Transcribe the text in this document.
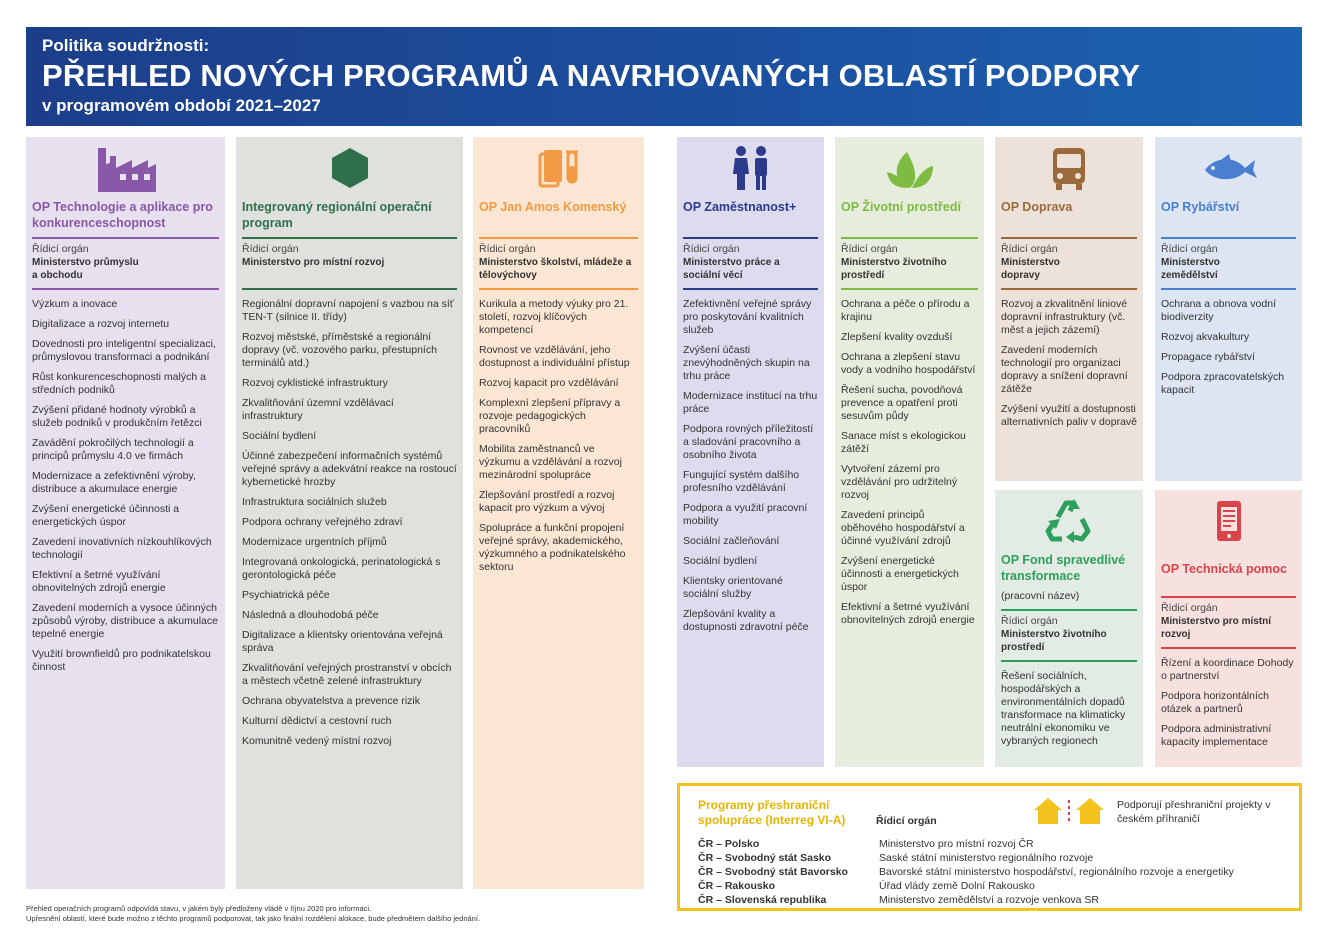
Politika soudržnosti:
PŘEHLED NOVÝCH PROGRAMŮ A NAVRHOVANÝCH OBLASTÍ PODPORY
v programovém období 2021–2027
OP Technologie a aplikace pro konkurenceschopnost
Řídicí orgán
Ministerstvo průmyslu a obchodu
Výzkum a inovace
Digitalizace a rozvoj internetu
Dovednosti pro inteligentní specializaci, průmyslovou transformaci a podnikání
Růst konkurenceschopnosti malých a středních podniků
Zvýšení přidané hodnoty výrobků a služeb podniků v produkčním řetězci
Zavádění pokročilých technologií a principů průmyslu 4.0 ve firmách
Modernizace a zefektivnění výroby, distribuce a akumulace energie
Zvýšení energetické účinnosti a energetických úspor
Zavedení inovativních nízkouhlíkových technologií
Efektivní a šetrné využívání obnovitelných zdrojů energie
Zavedení moderních a vysoce účinných způsobů výroby, distribuce a akumulace tepelné energie
Využití brownfieldů pro podnikatelskou činnost
Integrovaný regionální operační program
Řídicí orgán
Ministerstvo pro místní rozvoj
Regionální dopravní napojení s vazbou na síť TEN-T (silnice II. třídy)
Rozvoj městské, příměstské a regionální dopravy (vč. vozového parku, přestupních terminálů atd.)
Rozvoj cyklistické infrastruktury
Zkvalitňování územní vzdělávací infrastruktury
Sociální bydlení
Účinné zabezpečení informačních systémů veřejné správy a adekvátní reakce na rostoucí kybernetické hrozby
Infrastruktura sociálních služeb
Podpora ochrany veřejného zdraví
Modernizace urgentních příjmů
Integrovaná onkologická, perinatologická s gerontologická péče
Psychiatrická péče
Následná a dlouhodobá péče
Digitalizace a klientsky orientována veřejná správa
Zkvalitňování veřejných prostranství v obcích a městech včetně zelené infrastruktury
Ochrana obyvatelstva a prevence rizik
Kulturní dědictví a cestovní ruch
Komunitně vedený místní rozvoj
OP Jan Amos Komenský
Řídicí orgán
Ministerstvo školství, mládeže a tělovýchovy
Kurikula a metody výuky pro 21. století, rozvoj klíčových kompetencí
Rovnost ve vzdělávání, jeho dostupnost a individuální přístup
Rozvoj kapacit pro vzdělávání
Komplexní zlepšení přípravy a rozvoje pedagogických pracovníků
Mobilita zaměstnanců ve výzkumu a vzdělávání a rozvoj mezinárodní spolupráce
Zlepšování prostředí a rozvoj kapacit pro výzkum a vývoj
Spolupráce a funkční propojení veřejné správy, akademického, výzkumného a podnikatelského sektoru
OP Zaměstnanost+
Řídicí orgán
Ministerstvo práce a sociální věcí
Zefektivnění veřejné správy pro poskytování kvalitních služeb
Zvýšení účasti znevýhodněných skupin na trhu práce
Modernizace institucí na trhu práce
Podpora rovných příležitostí a sladování pracovního a osobního života
Fungující systém dalšího profesního vzdělávání
Podpora a využití pracovní mobility
Sociální začleňování
Sociální bydlení
Klientsky orientované sociální služby
Zlepšování kvality a dostupnosti zdravotní péče
OP Životní prostředí
Řídicí orgán
Ministerstvo životního prostředí
Ochrana a péče o přírodu a krajinu
Zlepšení kvality ovzduší
Ochrana a zlepšení stavu vody a vodního hospodářství
Řešení sucha, povodňová prevence a opatření proti sesuvům půdy
Sanace míst s ekologickou zátěží
Vytvoření zázemí pro vzdělávání pro udržitelný rozvoj
Zavedení principů oběhového hospodářství a účinné využívání zdrojů
Zvýšení energetické účinnosti a energetických úspor
Efektivní a šetrné využívání obnovitelných zdrojů energie
OP Doprava
Řídicí orgán
Ministerstvo dopravy
Rozvoj a zkvalitnění liniové dopravní infrastruktury (vč. měst a jejich zázemí)
Zavedení moderních technologií pro organizaci dopravy a snížení dopravní zátěže
Zvýšení využití a dostupnosti alternativních paliv v dopravě
OP Rybářství
Řídicí orgán
Ministerstvo zemědělství
Ochrana a obnova vodní biodiverzity
Rozvoj akvakultury
Propagace rybářství
Podpora zpracovatelských kapacit
OP Fond spravedlivé transformace
(pracovní název)
Řídicí orgán
Ministerstvo životního prostředí
Řešení sociálních, hospodářských a environmentálních dopadů transformace na klimaticky neutrální ekonomiku ve vybraných regionech
OP Technická pomoc
Řídicí orgán
Ministerstvo pro místní rozvoj
Řízení a koordinace Dohody o partnerství
Podpora horizontálních otázek a partnerů
Podpora administrativní kapacity implementace
Programy přeshraniční spolupráce (Interreg VI-A)	Řídicí orgán
Podporují přeshraniční projekty v českém příhraničí
ČR – Polsko	Ministerstvo pro místní rozvoj ČR
ČR – Svobodný stát Sasko	Saské státní ministerstvo regionálního rozvoje
ČR – Svobodný stát Bavorsko	Bavorské státní ministerstvo hospodářství, regionálního rozvoje a energetiky
ČR – Rakousko	Úřad vlády země Dolní Rakousko
ČR – Slovenská republika	Ministerstvo zemědělství a rozvoje venkova SR
Přehled operačních programů odpovídá stavu, v jakém byly předloženy vládě v říjnu 2020 pro informaci.
Upřesnění oblastí, které bude možno z těchto programů podporovat, tak jako finální rozdělení alokace, bude předmětem dalšího jednání.
